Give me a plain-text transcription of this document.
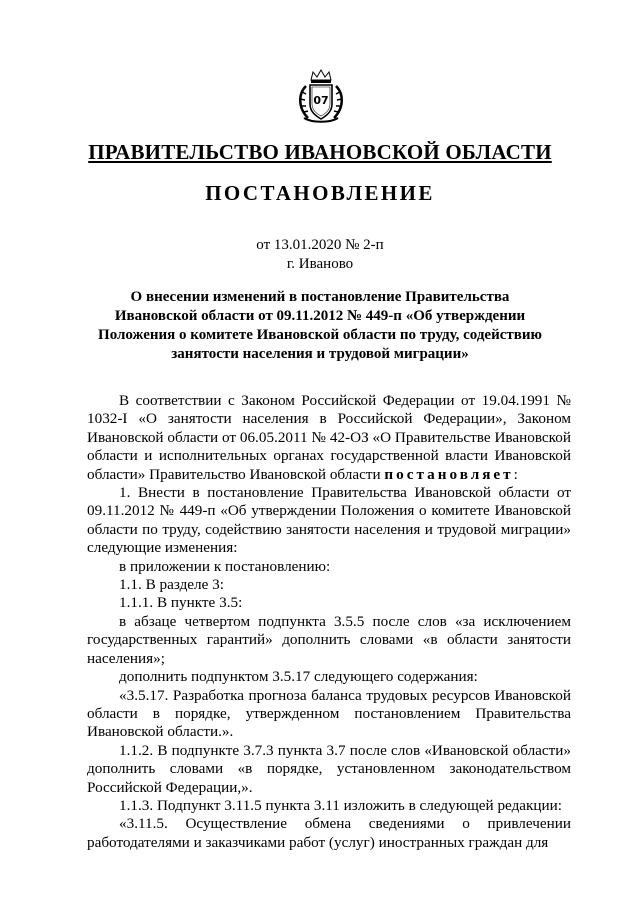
07
ПРАВИТЕЛЬСТВО ИВАНОВСКОЙ ОБЛАСТИ
ПОСТАНОВЛЕНИЕ
от 13.01.2020 № 2-п
г. Иваново
О внесении изменений в постановление Правительства
Ивановской области от 09.11.2012 № 449-п «Об утверждении
Положения о комитете Ивановской области по труду, содействию
занятости населения и трудовой миграции»

В соответствии с Законом Российской Федерации от 19.04.1991 № 1032-I «О занятости населения в Российской Федерации», Законом Ивановской области от 06.05.2011 № 42-ОЗ «О Правительстве Ивановской области и исполнительных органах государственной власти Ивановской области» Правительство Ивановской области постановляет:

1. Внести в постановление Правительства Ивановской области от 09.11.2012 № 449-п «Об утверждении Положения о комитете Ивановской области по труду, содействию занятости населения и трудовой миграции» следующие изменения:

в приложении к постановлению:

1.1. В разделе 3:

1.1.1. В пункте 3.5:

в абзаце четвертом подпункта 3.5.5 после слов «за исключением государственных гарантий» дополнить словами «в области занятости населения»;

дополнить подпунктом 3.5.17 следующего содержания:

«3.5.17. Разработка прогноза баланса трудовых ресурсов Ивановской области в порядке, утвержденном постановлением Правительства Ивановской области.».

1.1.2. В подпункте 3.7.3 пункта 3.7 после слов «Ивановской области» дополнить словами «в порядке, установленном законодательством Российской Федерации,».

1.1.3. Подпункт 3.11.5 пункта 3.11 изложить в следующей редакции:

«3.11.5. Осуществление обмена сведениями о привлечении работодателями и заказчиками работ (услуг) иностранных граждан для
